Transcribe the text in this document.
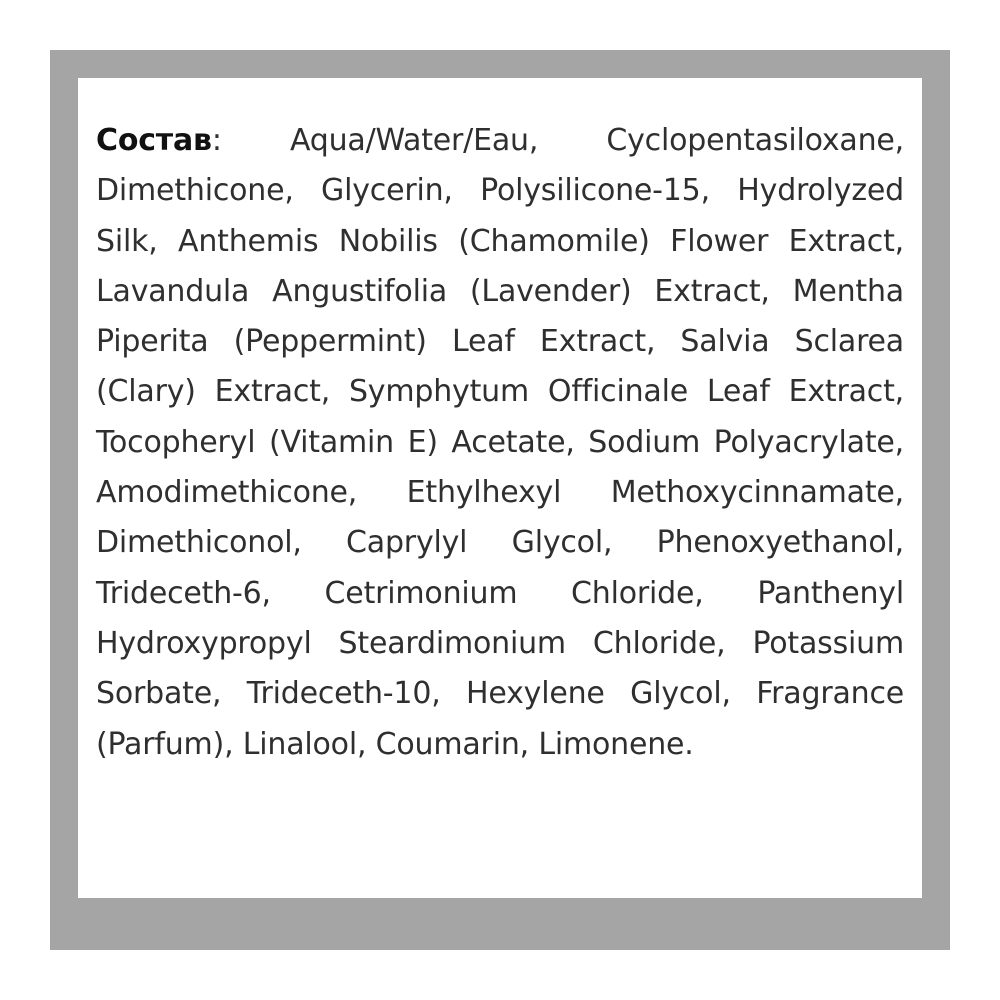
Состав: Aqua/Water/Eau, Cyclopentasiloxane, Dimethicone, Glycerin, Polysilicone-15, Hydrolyzed Silk, Anthemis Nobilis (Chamomile) Flower Extract, Lavandula Angustifolia (Lavender) Extract, Mentha Piperita (Peppermint) Leaf Extract, Salvia Sclarea (Clary) Extract, Symphytum Officinale Leaf Extract, Tocopheryl (Vitamin E) Acetate, Sodium Polyacrylate, Amodimethicone, Ethylhexyl Methoxycinnamate, Dimethiconol, Caprylyl Glycol, Phenoxyethanol, Trideceth-6, Cetrimonium Chloride, Panthenyl Hydroxypropyl Steardimonium Chloride, Potassium Sorbate, Trideceth-10, Hexylene Glycol, Fragrance (Parfum), Linalool, Coumarin, Limonene.
